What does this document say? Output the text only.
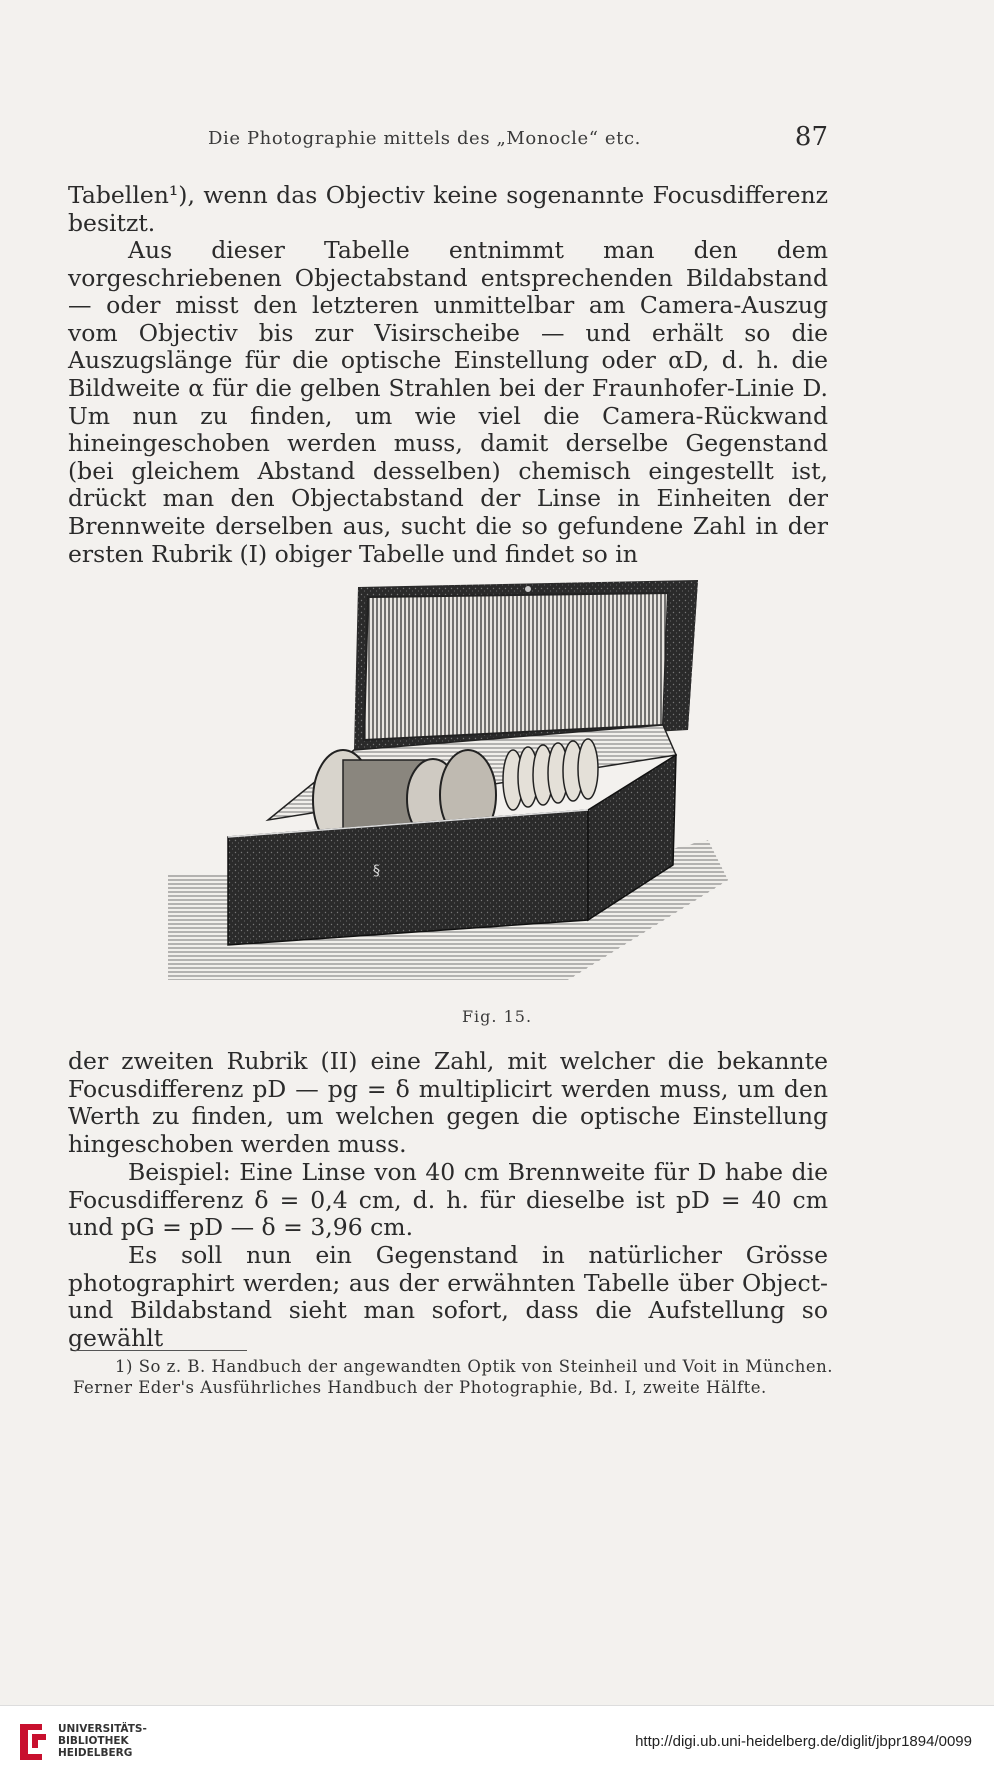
Die Photographie mittels des „Monocle“ etc.	87

Tabellen¹), wenn das Objectiv keine sogenannte Focusdifferenz besitzt.

Aus dieser Tabelle entnimmt man den dem vorgeschriebenen Objectabstand entsprechenden Bildabstand — oder misst den letzteren unmittelbar am Camera-Auszug vom Objectiv bis zur Visirscheibe — und erhält so die Auszugslänge für die optische Einstellung oder αD, d. h. die Bildweite α für die gelben Strahlen bei der Fraunhofer-Linie D. Um nun zu finden, um wie viel die Camera-Rückwand hineingeschoben werden muss, damit derselbe Gegenstand (bei gleichem Abstand desselben) chemisch eingestellt ist, drückt man den Objectabstand der Linse in Einheiten der Brennweite derselben aus, sucht die so gefundene Zahl in der ersten Rubrik (I) obiger Tabelle und findet so in

§
Fig. 15.

der zweiten Rubrik (II) eine Zahl, mit welcher die bekannte Focusdifferenz pD — pg = δ multiplicirt werden muss, um den Werth zu finden, um welchen gegen die optische Einstellung hingeschoben werden muss.

Beispiel: Eine Linse von 40 cm Brennweite für D habe die Focusdifferenz δ = 0,4 cm, d. h. für dieselbe ist pD = 40 cm und pG = pD — δ = 3,96 cm.

Es soll nun ein Gegenstand in natürlicher Grösse photographirt werden; aus der erwähnten Tabelle über Object- und Bildabstand sieht man sofort, dass die Aufstellung so gewählt

1) So z. B. Handbuch der angewandten Optik von Steinheil und Voit in München. Ferner Eder's Ausführliches Handbuch der Photographie, Bd. I, zweite Hälfte.

UNIVERSITÄTS-
BIBLIOTHEK
HEIDELBERG
http://digi.ub.uni-heidelberg.de/diglit/jbpr1894/0099
